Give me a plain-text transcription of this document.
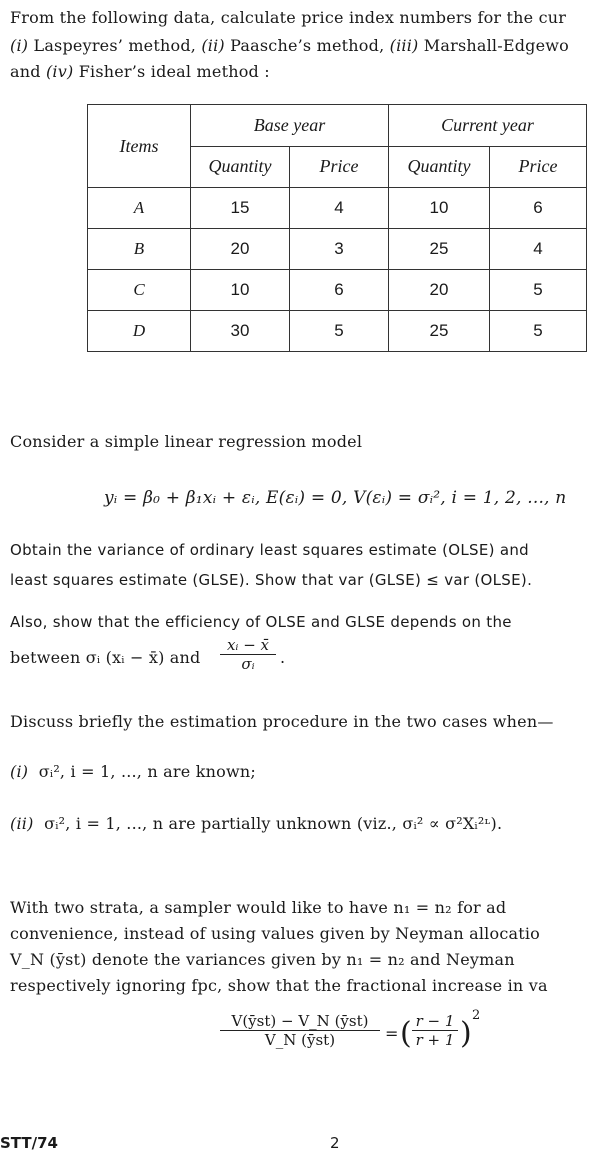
From the following data, calculate price index numbers for the cur
(i) Laspeyres’ method, (ii) Paasche’s method, (iii) Marshall-Edgewo
and (iv) Fisher’s ideal method :
Items	Base year		Current year	
	Quantity	Price	Quantity	Price
A	15	4	10	6
B	20	3	25	4
C	10	6	20	5
D	30	5	25	5
Consider a simple linear regression model
yᵢ = β₀ + β₁xᵢ + εᵢ, E(εᵢ) = 0, V(εᵢ) = σᵢ², i = 1, 2, ..., n
Obtain the variance of ordinary least squares estimate (OLSE) and
least squares estimate (GLSE). Show that var (GLSE) ≤ var (OLSE).
Also, show that the efficiency of OLSE and GLSE depends on the
between σᵢ (xᵢ − x̄) and
xᵢ − x̄
σᵢ	.
Discuss briefly the estimation procedure in the two cases when—
(i) σᵢ², i = 1, ..., n are known;
(ii) σᵢ², i = 1, ..., n are partially unknown (viz., σᵢ² ∝ σ²Xᵢ²ᶫ).
With two strata, a sampler would like to have n₁ = n₂ for ad
convenience, instead of using values given by Neyman allocatio
V_N (ȳst) denote the variances given by n₁ = n₂ and Neyman
respectively ignoring fpc, show that the fractional increase in va
V(ȳst) − V_N (ȳst)
V_N (ȳst)	= ( r − 1
r + 1 )
2
STT/74	2
